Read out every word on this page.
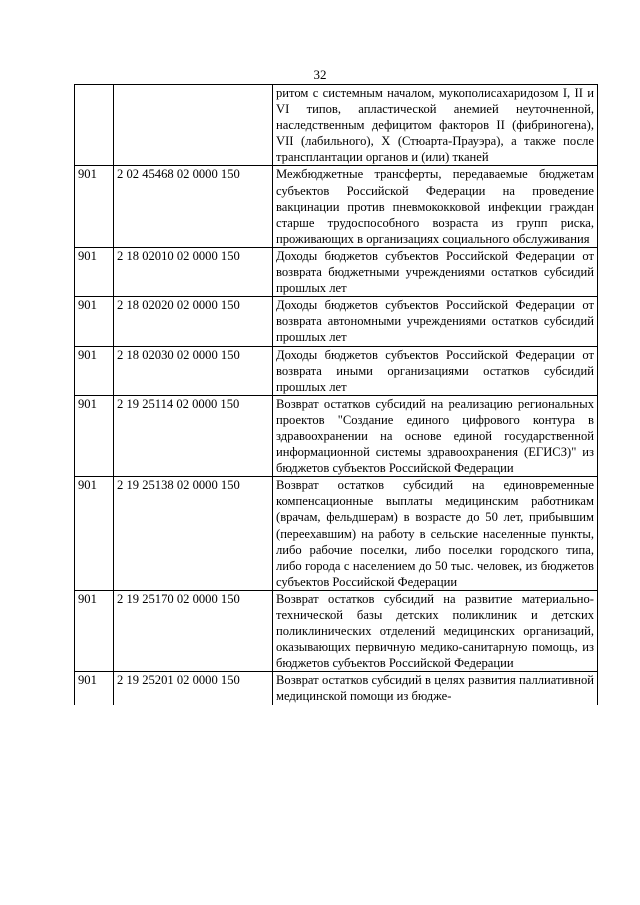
32
		ритом с системным началом, мукополисахаридозом I, II и VI типов, апластической анемией неуточненной, наследственным дефицитом факторов II (фибриногена), VII (лабильного), X (Стюарта-Прауэра), а также после трансплантации органов и (или) тканей
901	2 02 45468 02 0000 150	Межбюджетные трансферты, передаваемые бюджетам субъектов Российской Федерации на проведение вакцинации против пневмококковой инфекции граждан старше трудоспособного возраста из групп риска, проживающих в организациях социального обслуживания
901	2 18 02010 02 0000 150	Доходы бюджетов субъектов Российской Федерации от возврата бюджетными учреждениями остатков субсидий прошлых лет
901	2 18 02020 02 0000 150	Доходы бюджетов субъектов Российской Федерации от возврата автономными учреждениями остатков субсидий прошлых лет
901	2 18 02030 02 0000 150	Доходы бюджетов субъектов Российской Федерации от возврата иными организациями остатков субсидий прошлых лет
901	2 19 25114 02 0000 150	Возврат остатков субсидий на реализацию региональных проектов "Создание единого цифрового контура в здравоохранении на основе единой государственной информационной системы здравоохранения (ЕГИСЗ)" из бюджетов субъектов Российской Федерации
901	2 19 25138 02 0000 150	Возврат остатков субсидий на единовременные компенсационные выплаты медицинским работникам (врачам, фельдшерам) в возрасте до 50 лет, прибывшим (переехавшим) на работу в сельские населенные пункты, либо рабочие поселки, либо поселки городского типа, либо города с населением до 50 тыс. человек, из бюджетов субъектов Российской Федерации
901	2 19 25170 02 0000 150	Возврат остатков субсидий на развитие материально-технической базы детских поликлиник и детских поликлинических отделений медицинских организаций, оказывающих первичную медико-санитарную помощь, из бюджетов субъектов Российской Федерации
901	2 19 25201 02 0000 150	Возврат остатков субсидий в целях развития паллиативной медицинской помощи из бюдже-
